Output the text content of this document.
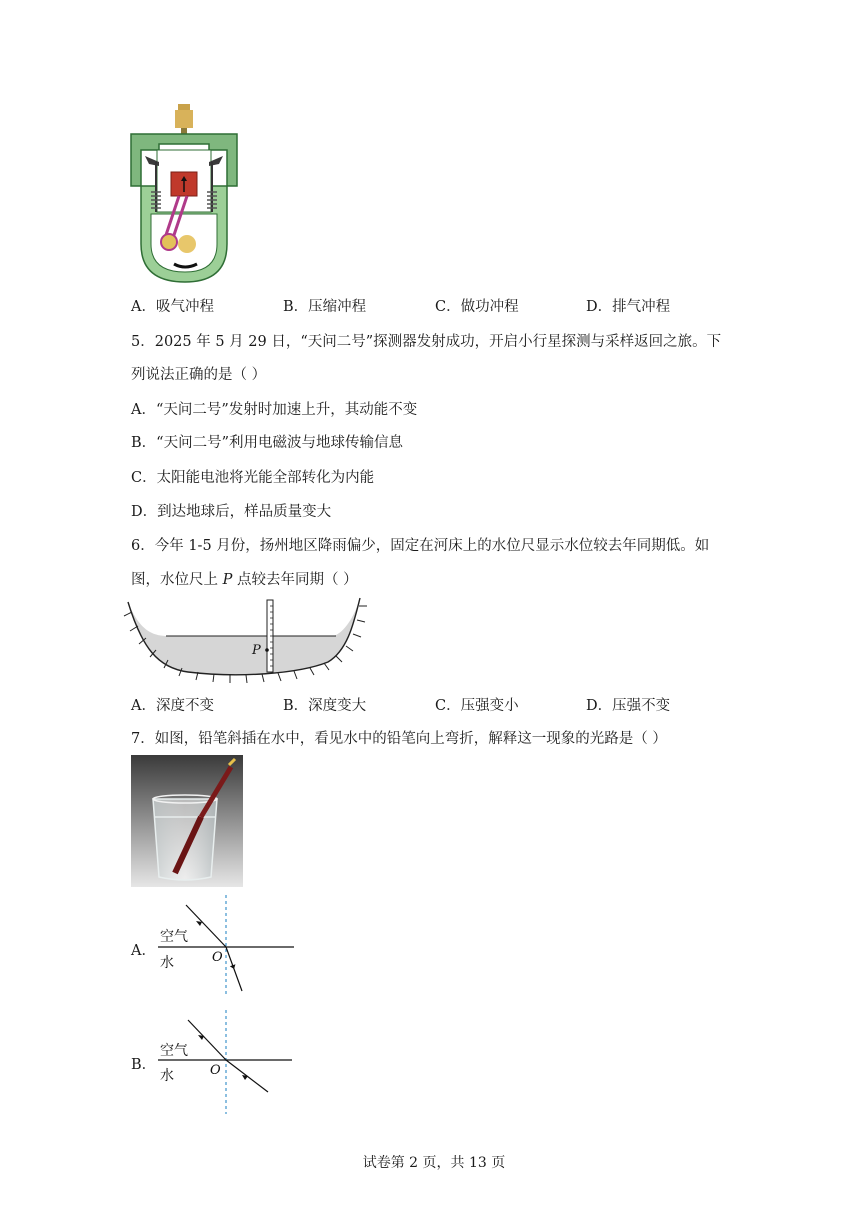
A．吸气冲程	B．压缩冲程	C．做功冲程	D．排气冲程
5．2025 年 5 月 29 日，“天问二号”探测器发射成功，开启小行星探测与采样返回之旅。下
列说法正确的是（ ）
A．“天问二号”发射时加速上升，其动能不变
B．“天问二号”利用电磁波与地球传输信息
C．太阳能电池将光能全部转化为内能
D．到达地球后，样品质量变大
6．今年 1-5 月份，扬州地区降雨偏少，固定在河床上的水位尺显示水位较去年同期低。如
图，水位尺上 P 点较去年同期（ ）
P
A．深度不变	B．深度变大	C．压强变小	D．压强不变
7．如图，铅笔斜插在水中，看见水中的铅笔向上弯折，解释这一现象的光路是（ ）
A．
空气
水	O
B．
空气
水	O
试卷第 2 页，共 13 页
